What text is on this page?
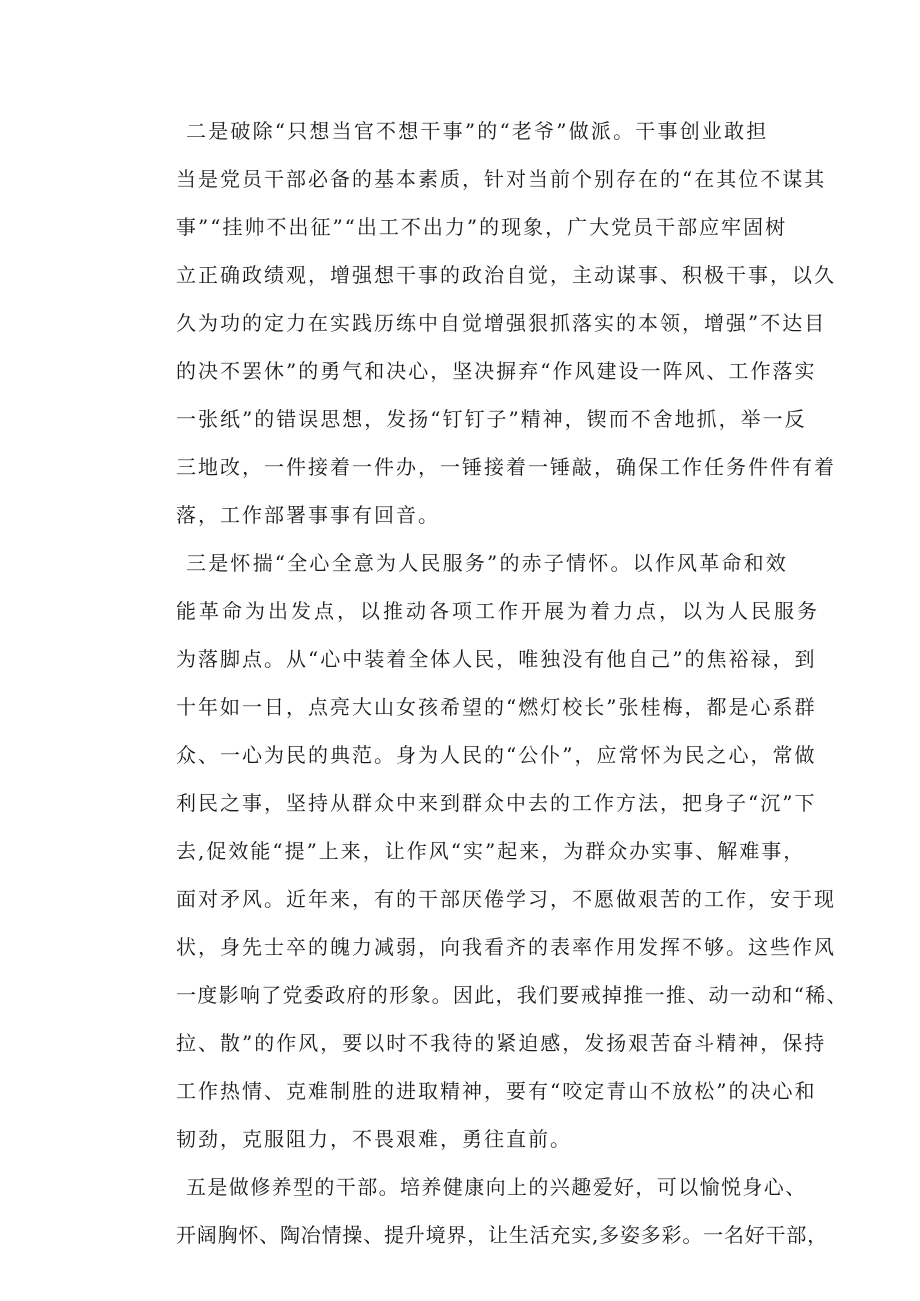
二是破除“只想当官不想干事”的“老爷”做派。干事创业敢担
当是党员干部必备的基本素质，针对当前个别存在的“在其位不谋其
事”“挂帅不出征”“出工不出力”的现象，广大党员干部应牢固树
立正确政绩观，增强想干事的政治自觉，主动谋事、积极干事，以久
久为功的定力在实践历练中自觉增强狠抓落实的本领，增强”不达目
的决不罢休”的勇气和决心，坚决摒弃“作风建设一阵风、工作落实
一张纸”的错误思想，发扬“钉钉子”精神，锲而不舍地抓，举一反
三地改，一件接着一件办，一锤接着一锤敲，确保工作任务件件有着
落，工作部署事事有回音。
三是怀揣“全心全意为人民服务”的赤子情怀。以作风革命和效
能革命为出发点，以推动各项工作开展为着力点，以为人民服务
为落脚点。从“心中装着全体人民，唯独没有他自己”的焦裕禄，到
十年如一日，点亮大山女孩希望的“燃灯校长”张桂梅，都是心系群
众、一心为民的典范。身为人民的“公仆”，应常怀为民之心，常做
利民之事，坚持从群众中来到群众中去的工作方法，把身子“沉”下
去,促效能“提”上来，让作风“实”起来，为群众办实事、解难事，
面对矛风。近年来，有的干部厌倦学习，不愿做艰苦的工作，安于现
状，身先士卒的魄力减弱，向我看齐的表率作用发挥不够。这些作风
一度影响了党委政府的形象。因此，我们要戒掉推一推、动一动和“稀、
拉、散”的作风，要以时不我待的紧迫感，发扬艰苦奋斗精神，保持
工作热情、克难制胜的进取精神，要有“咬定青山不放松”的决心和
韧劲，克服阻力，不畏艰难，勇往直前。
五是做修养型的干部。培养健康向上的兴趣爱好，可以愉悦身心、
开阔胸怀、陶冶情操、提升境界，让生活充实,多姿多彩。一名好干部，
